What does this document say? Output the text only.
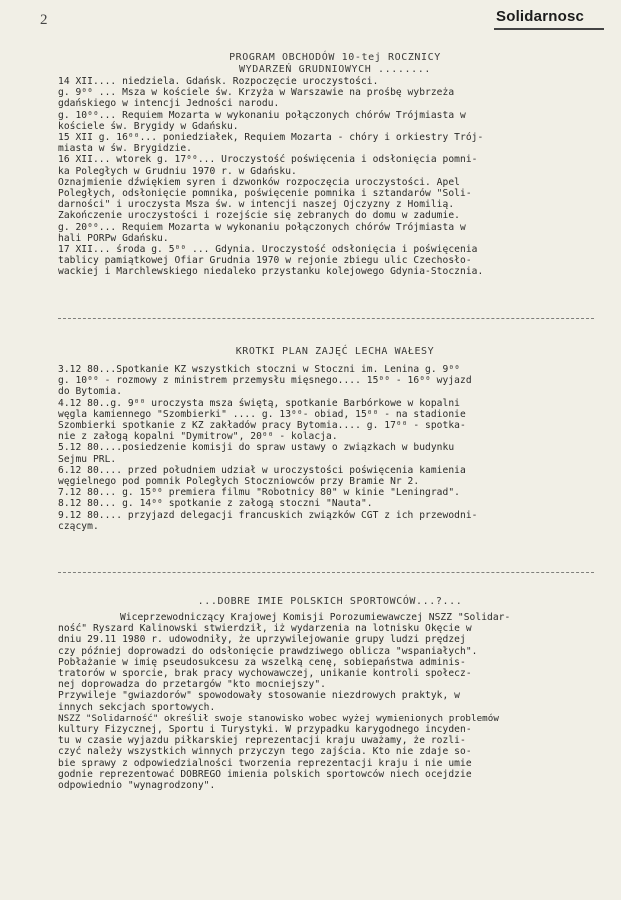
2	Solidarnosc
PROGRAM OBCHODÓW 10-tej ROCZNICY
WYDARZEŃ GRUDNIOWYCH ........

14 XII.... niedziela. Gdańsk. Rozpoczęcie uroczystości.

g. 9⁰⁰ ... Msza w kościele św. Krzyża w Warszawie na prośbę wybrzeża

gdańskiego w intencji Jedności narodu.

g. 10⁰⁰... Requiem Mozarta w wykonaniu połączonych chórów Trójmiasta w

kościele św. Brygidy w Gdańsku.

15 XII g. 16⁰⁰... poniedziałek, Requiem Mozarta - chóry i orkiestry Trój-

miasta w św. Brygidzie.

16 XII... wtorek g. 17⁰⁰... Uroczystość poświęcenia i odsłonięcia pomni-

ka Poległych w Grudniu 1970 r. w Gdańsku.

Oznajmienie dźwiękiem syren i dzwonków rozpoczęcia uroczystości. Apel

Poległych, odsłonięcie pomnika, poświęcenie pomnika i sztandarów "Soli-

darności" i uroczysta Msza św. w intencji naszej Ojczyzny z Homilią.

Zakończenie uroczystości i rozejście się zebranych do domu w zadumie.

g. 20⁰⁰... Requiem Mozarta w wykonaniu połączonych chórów Trójmiasta w

hali PORPw Gdańsku.

17 XII... środa g. 5⁰⁰ ... Gdynia. Uroczystość odsłonięcia i poświęcenia

tablicy pamiątkowej Ofiar Grudnia 1970 w rejonie zbiegu ulic Czechosło-

wackiej i Marchlewskiego niedaleko przystanku kolejowego Gdynia-Stocznia.

KROTKI PLAN ZAJĘĆ LECHA WAŁESY

3.12 80...Spotkanie KZ wszystkich stoczni w Stoczni im. Lenina g. 9⁰⁰

g. 10⁰⁰ - rozmowy z ministrem przemysłu mięsnego.... 15⁰⁰ - 16⁰⁰ wyjazd

do Bytomia.

4.12 80..g. 9⁰⁰ uroczysta msza świętą, spotkanie Barbórkowe w kopalni

węgla kamiennego "Szombierki" .... g. 13⁰⁰- obiad, 15⁰⁰ - na stadionie

Szombierki spotkanie z KZ zakładów pracy Bytomia.... g. 17⁰⁰ - spotka-

nie z załogą kopalni "Dymitrow", 20⁰⁰ - kolacja.

5.12 80....posiedzenie komisji do spraw ustawy o związkach w budynku

Sejmu PRL.

6.12 80.... przed południem udział w uroczystości poświęcenia kamienia

węgielnego pod pomnik Poległych Stoczniowców przy Bramie Nr 2.

7.12 80... g. 15⁰⁰ premiera filmu "Robotnicy 80" w kinie "Leningrad".

8.12 80... g. 14⁰⁰ spotkanie z załogą stoczni "Nauta".

9.12 80.... przyjazd delegacji francuskich związków CGT z ich przewodni-

czącym.

...DOBRE IMIE POLSKICH SPORTOWCÓW...?...

Wiceprzewodniczący Krajowej Komisji Porozumiewawczej NSZZ "Solidar-

ność" Ryszard Kalinowski stwierdził, iż wydarzenia na lotnisku Okęcie w

dniu 29.11 1980 r. udowodniły, że uprzywilejowanie grupy ludzi prędzej

czy później doprowadzi do odsłonięcie prawdziwego oblicza "wspaniałych".

Pobłażanie w imię pseudosukcesu za wszelką cenę, sobiepaństwa adminis-

tratorów w sporcie, brak pracy wychowawczej, unikanie kontroli społecz-

nej doprowadza do przetargów "kto mocniejszy".

Przywileje "gwiazdorów" spowodowały stosowanie niezdrowych praktyk, w

innych sekcjach sportowych.

NSZZ "Solidarność" określił swoje stanowisko wobec wyżej wymienionych problemów

kultury Fizycznej, Sportu i Turystyki. W przypadku karygodnego incyden-

tu w czasie wyjazdu piłkarskiej reprezentacji kraju uważamy, że rozli-

czyć należy wszystkich winnych przyczyn tego zajścia. Kto nie zdaje so-

bie sprawy z odpowiedzialności tworzenia reprezentacji kraju i nie umie

godnie reprezentować DOBREGO imienia polskich sportowców niech ocejdzie

odpowiednio "wynagrodzony".
